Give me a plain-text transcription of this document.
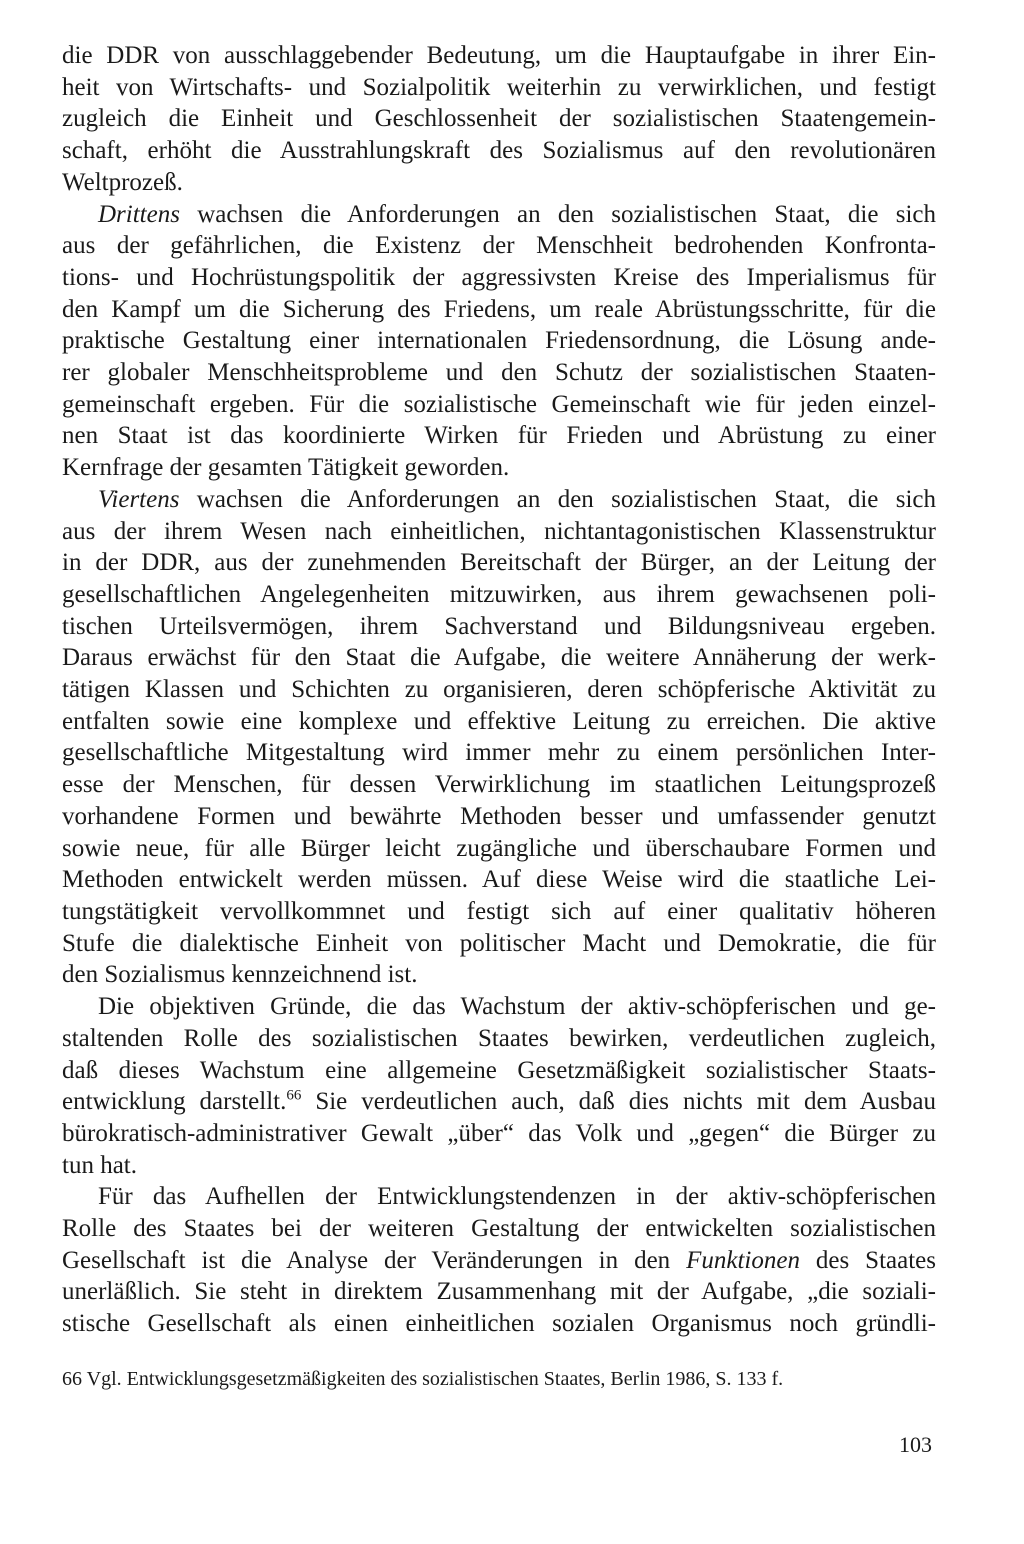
die DDR von ausschlaggebender Bedeutung, um die Hauptaufgabe in ihrer Ein-
heit von Wirtschafts- und Sozialpolitik weiterhin zu verwirklichen, und festigt
zugleich die Einheit und Geschlossenheit der sozialistischen Staatengemein-
schaft, erhöht die Ausstrahlungskraft des Sozialismus auf den revolutionären
Weltprozeß.
Drittens wachsen die Anforderungen an den sozialistischen Staat, die sich
aus der gefährlichen, die Existenz der Menschheit bedrohenden Konfronta-
tions- und Hochrüstungspolitik der aggressivsten Kreise des Imperialismus für
den Kampf um die Sicherung des Friedens, um reale Abrüstungsschritte, für die
praktische Gestaltung einer internationalen Friedensordnung, die Lösung ande-
rer globaler Menschheitsprobleme und den Schutz der sozialistischen Staaten-
gemeinschaft ergeben. Für die sozialistische Gemeinschaft wie für jeden einzel-
nen Staat ist das koordinierte Wirken für Frieden und Abrüstung zu einer
Kernfrage der gesamten Tätigkeit geworden.
Viertens wachsen die Anforderungen an den sozialistischen Staat, die sich
aus der ihrem Wesen nach einheitlichen, nichtantagonistischen Klassenstruktur
in der DDR, aus der zunehmenden Bereitschaft der Bürger, an der Leitung der
gesellschaftlichen Angelegenheiten mitzuwirken, aus ihrem gewachsenen poli-
tischen Urteilsvermögen, ihrem Sachverstand und Bildungsniveau ergeben.
Daraus erwächst für den Staat die Aufgabe, die weitere Annäherung der werk-
tätigen Klassen und Schichten zu organisieren, deren schöpferische Aktivität zu
entfalten sowie eine komplexe und effektive Leitung zu erreichen. Die aktive
gesellschaftliche Mitgestaltung wird immer mehr zu einem persönlichen Inter-
esse der Menschen, für dessen Verwirklichung im staatlichen Leitungsprozeß
vorhandene Formen und bewährte Methoden besser und umfassender genutzt
sowie neue, für alle Bürger leicht zugängliche und überschaubare Formen und
Methoden entwickelt werden müssen. Auf diese Weise wird die staatliche Lei-
tungstätigkeit vervollkommnet und festigt sich auf einer qualitativ höheren
Stufe die dialektische Einheit von politischer Macht und Demokratie, die für
den Sozialismus kennzeichnend ist.
Die objektiven Gründe, die das Wachstum der aktiv-schöpferischen und ge-
staltenden Rolle des sozialistischen Staates bewirken, verdeutlichen zugleich,
daß dieses Wachstum eine allgemeine Gesetzmäßigkeit sozialistischer Staats-
entwicklung darstellt.$^{66}$ Sie verdeutlichen auch, daß dies nichts mit dem Ausbau
bürokratisch-administrativer Gewalt „über“ das Volk und „gegen“ die Bürger zu
tun hat.
Für das Aufhellen der Entwicklungstendenzen in der aktiv-schöpferischen
Rolle des Staates bei der weiteren Gestaltung der entwickelten sozialistischen
Gesellschaft ist die Analyse der Veränderungen in den Funktionen des Staates
unerläßlich. Sie steht in direktem Zusammenhang mit der Aufgabe, „die soziali-
stische Gesellschaft als einen einheitlichen sozialen Organismus noch gründli-
66 Vgl. Entwicklungsgesetzmäßigkeiten des sozialistischen Staates, Berlin 1986, S. 133 f.
103
